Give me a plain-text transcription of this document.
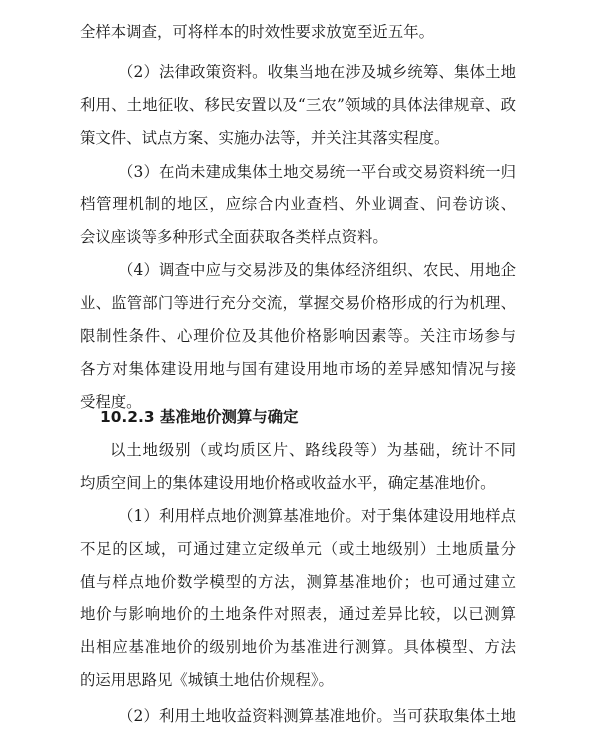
全样本调查，可将样本的时效性要求放宽至近五年。
（2）法律政策资料。收集当地在涉及城乡统筹、集体土地
利用、土地征收、移民安置以及“三农”领域的具体法律规章、政
策文件、试点方案、实施办法等，并关注其落实程度。
（3）在尚未建成集体土地交易统一平台或交易资料统一归
档管理机制的地区，应综合内业查档、外业调查、问卷访谈、
会议座谈等多种形式全面获取各类样点资料。
（4）调查中应与交易涉及的集体经济组织、农民、用地企
业、监管部门等进行充分交流，掌握交易价格形成的行为机理、
限制性条件、心理价位及其他价格影响因素等。关注市场参与
各方对集体建设用地与国有建设用地市场的差异感知情况与接
受程度。
10.2.3 基准地价测算与确定
以土地级别（或均质区片、路线段等）为基础，统计不同
均质空间上的集体建设用地价格或收益水平，确定基准地价。
（1）利用样点地价测算基准地价。对于集体建设用地样点
不足的区域，可通过建立定级单元（或土地级别）土地质量分
值与样点地价数学模型的方法，测算基准地价；也可通过建立
地价与影响地价的土地条件对照表，通过差异比较，以已测算
出相应基准地价的级别地价为基准进行测算。具体模型、方法
的运用思路见《城镇土地估价规程》。
（2）利用土地收益资料测算基准地价。当可获取集体土地
